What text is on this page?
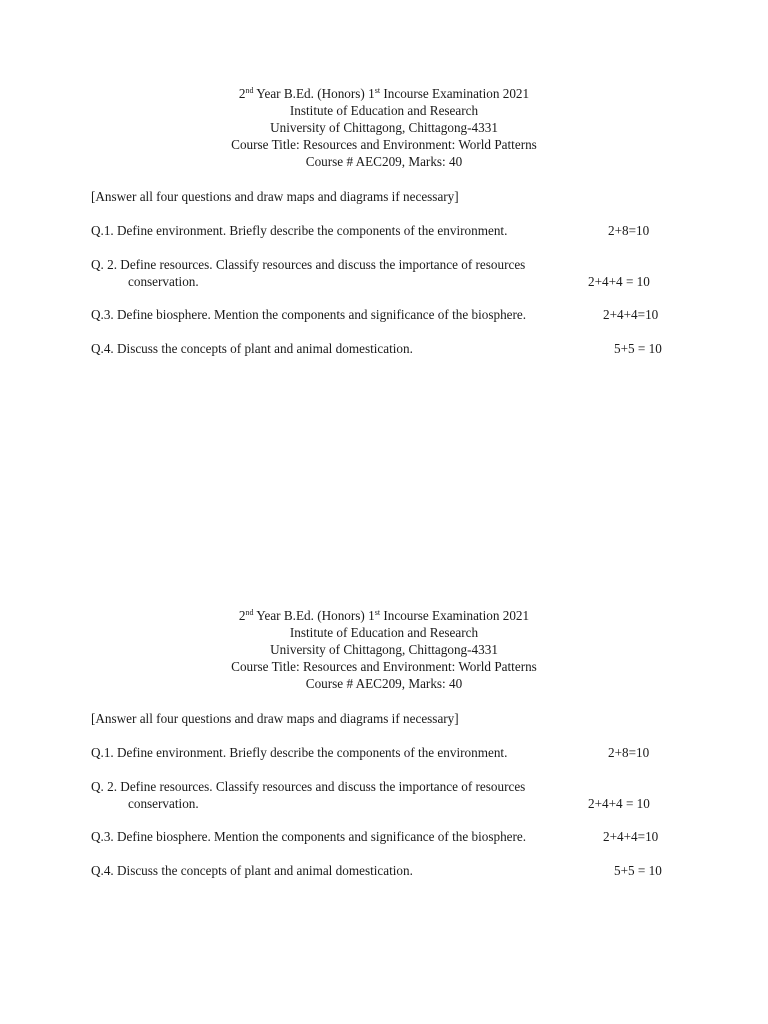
2nd Year B.Ed. (Honors) 1st Incourse Examination 2021
Institute of Education and Research
University of Chittagong, Chittagong-4331
Course Title: Resources and Environment: World Patterns
Course # AEC209, Marks: 40
[Answer all four questions and draw maps and diagrams if necessary]
Q.1. Define environment. Briefly describe the components of the environment.	2+8=10
Q. 2. Define resources. Classify resources and discuss the importance of resources
conservation.	2+4+4 = 10
Q.3. Define biosphere. Mention the components and significance of the biosphere.	2+4+4=10
Q.4. Discuss the concepts of plant and animal domestication.	5+5 = 10
2nd Year B.Ed. (Honors) 1st Incourse Examination 2021
Institute of Education and Research
University of Chittagong, Chittagong-4331
Course Title: Resources and Environment: World Patterns
Course # AEC209, Marks: 40
[Answer all four questions and draw maps and diagrams if necessary]
Q.1. Define environment. Briefly describe the components of the environment.	2+8=10
Q. 2. Define resources. Classify resources and discuss the importance of resources
conservation.	2+4+4 = 10
Q.3. Define biosphere. Mention the components and significance of the biosphere.	2+4+4=10
Q.4. Discuss the concepts of plant and animal domestication.	5+5 = 10
